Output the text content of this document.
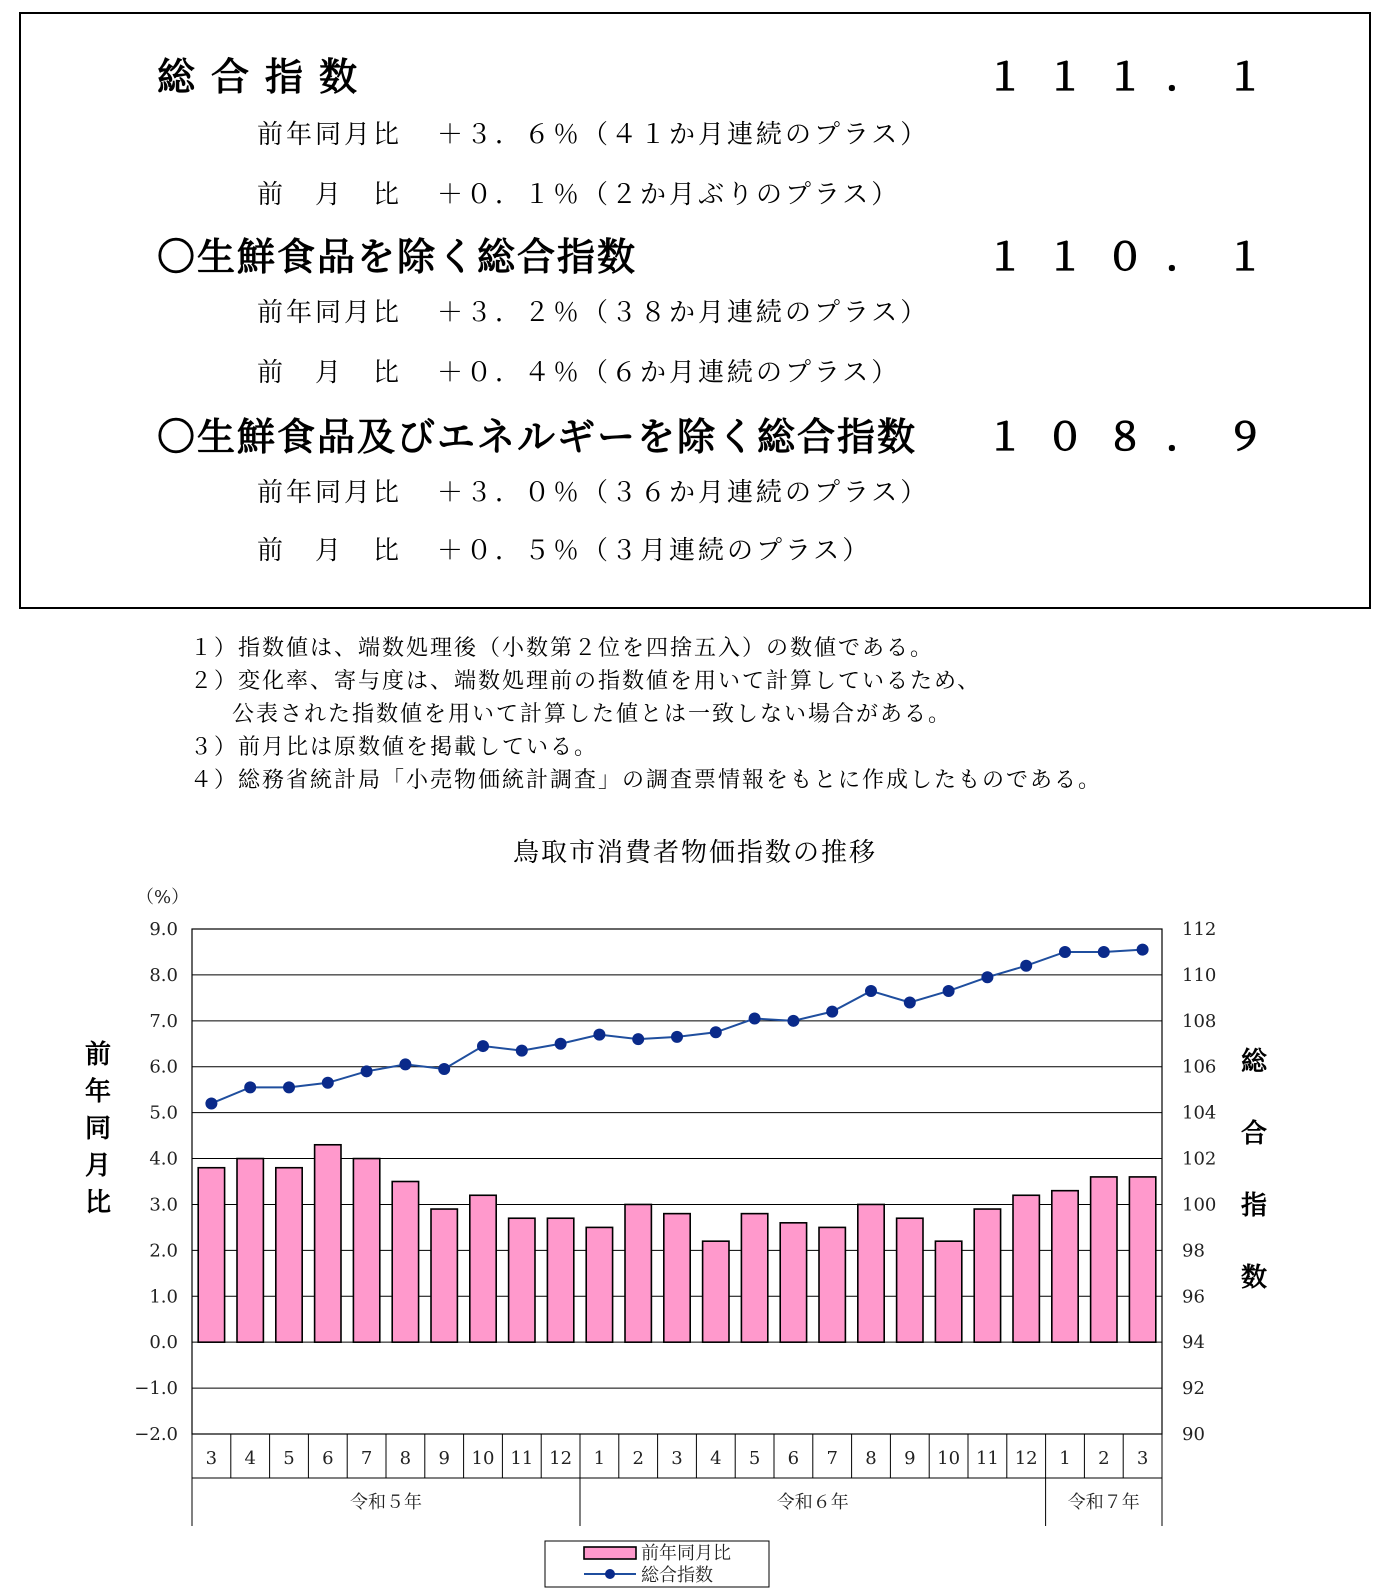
総合指数	１１１．１
前年同月比 ＋３．６％（４１か月連続のプラス）
前　月　比 ＋０．１％（２か月ぶりのプラス）
〇生鮮食品を除く総合指数	１１０．１
前年同月比 ＋３．２％（３８か月連続のプラス）
前　月　比 ＋０．４％（６か月連続のプラス）
〇生鮮食品及びエネルギーを除く総合指数 １０８．９
前年同月比 ＋３．０％（３６か月連続のプラス）
前　月　比 ＋０．５％（３月連続のプラス）
１）指数値は、端数処理後（小数第２位を四捨五入）の数値である。
２）変化率、寄与度は、端数処理前の指数値を用いて計算しているため、
公表された指数値を用いて計算した値とは一致しない場合がある。
３）前月比は原数値を掲載している。
４）総務省統計局「小売物価統計調査」の調査票情報をもとに作成したものである。
鳥取市消費者物価指数の推移
9.0	112
8.0	110
7.0	108
6.0	106
5.0	104
4.0	102
3.0	100
2.0	98
1.0	96
0.0	94
−1.0	92
−2.0	90
（%）
前
年
同
月
比
総
合
指
数
3 4 5 6 7 8 9 10 11 12 1 2 3 4 5 6 7 8 9 10 11 12 1 2 3
令和５年	令和６年	令和７年
前年同月比
総合指数
